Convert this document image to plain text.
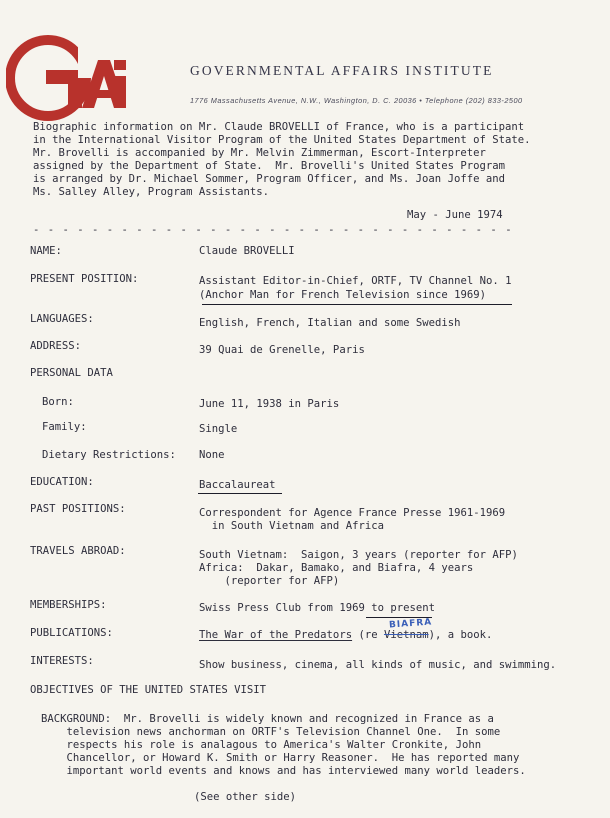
GOVERNMENTAL AFFAIRS INSTITUTE
1776 Massachusetts Avenue, N.W., Washington, D. C. 20036 • Telephone (202) 833-2500
Biographic information on Mr. Claude BROVELLI of France, who is a participant
in the International Visitor Program of the United States Department of State.
Mr. Brovelli is accompanied by Mr. Melvin Zimmerman, Escort-Interpreter
assigned by the Department of State.  Mr. Brovelli's United States Program
is arranged by Dr. Michael Sommer, Program Officer, and Ms. Joan Joffe and
Ms. Salley Alley, Program Assistants.
May - June 1974
- - - - - - - - - - - - - - - - - - - - - - - - - - - - - - - - -
NAME:	Claude BROVELLI
PRESENT POSITION:	Assistant Editor-in-Chief, ORTF, TV Channel No. 1
(Anchor Man for French Television since 1969)
LANGUAGES:	English, French, Italian and some Swedish
ADDRESS:	39 Quai de Grenelle, Paris
PERSONAL DATA
Born:	June 11, 1938 in Paris
Family:	Single
Dietary Restrictions: None
EDUCATION:	Baccalaureat
PAST POSITIONS:	Correspondent for Agence France Presse 1961-1969
in South Vietnam and Africa
TRAVELS ABROAD:	South Vietnam:  Saigon, 3 years (reporter for AFP)
Africa:  Dakar, Bamako, and Biafra, 4 years
(reporter for AFP)
MEMBERSHIPS:	Swiss Press Club from 1969 to present
PUBLICATIONS:	The War of the Predators (re Vietnam), a book.
BIAFRA
INTERESTS:	Show business, cinema, all kinds of music, and swimming.
OBJECTIVES OF THE UNITED STATES VISIT
BACKGROUND:  Mr. Brovelli is widely known and recognized in France as a
television news anchorman on ORTF's Television Channel One.  In some
respects his role is analagous to America's Walter Cronkite, John
Chancellor, or Howard K. Smith or Harry Reasoner.  He has reported many
important world events and knows and has interviewed many world leaders.
(See other side)
